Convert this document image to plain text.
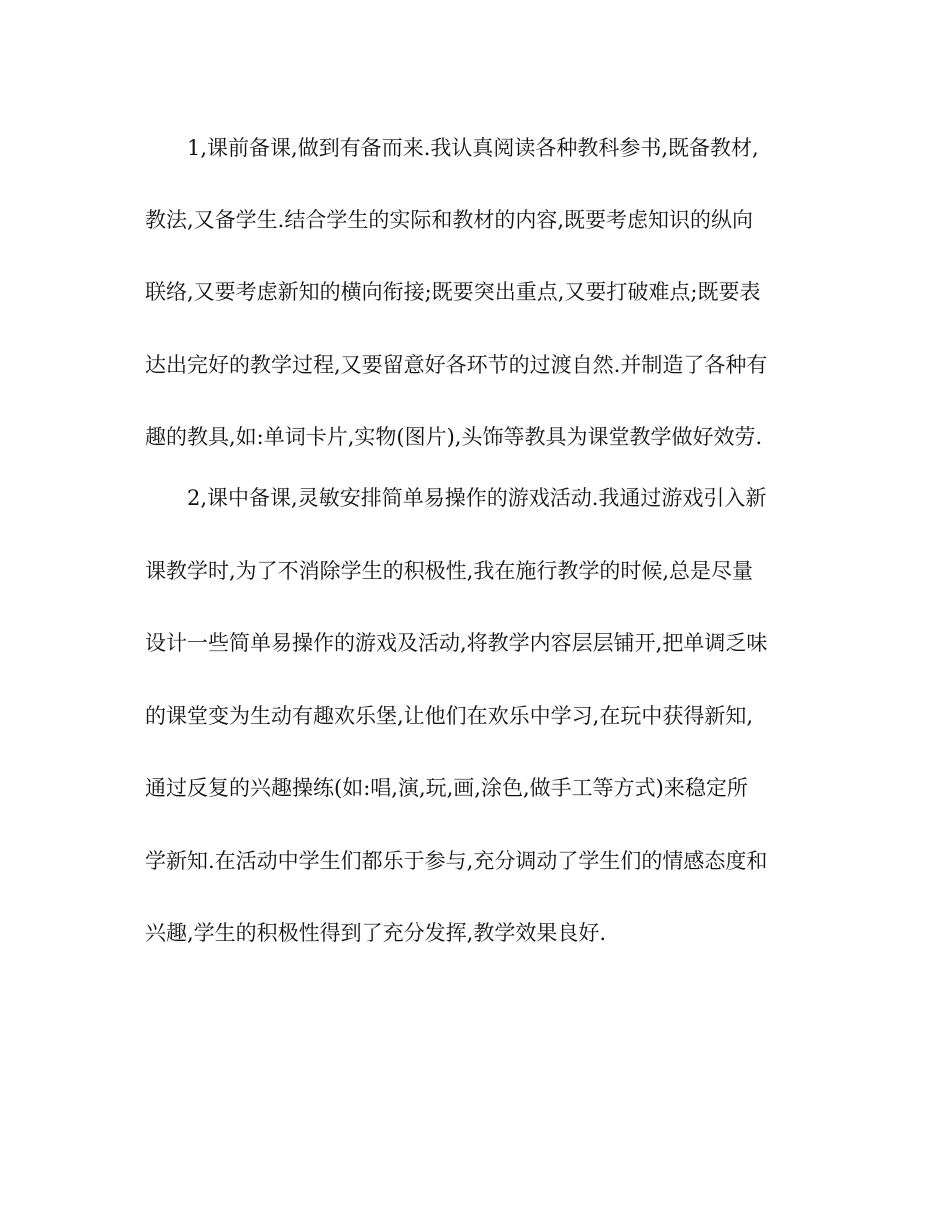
1,课前备课,做到有备而来.我认真阅读各种教科参书,既备教材,
教法,又备学生.结合学生的实际和教材的内容,既要考虑知识的纵向
联络,又要考虑新知的横向衔接;既要突出重点,又要打破难点;既要表
达出完好的教学过程,又要留意好各环节的过渡自然.并制造了各种有
趣的教具,如:单词卡片,实物(图片),头饰等教具为课堂教学做好效劳.
2,课中备课,灵敏安排简单易操作的游戏活动.我通过游戏引入新
课教学时,为了不消除学生的积极性,我在施行教学的时候,总是尽量
设计一些简单易操作的游戏及活动,将教学内容层层铺开,把单调乏味
的课堂变为生动有趣欢乐堡,让他们在欢乐中学习,在玩中获得新知,
通过反复的兴趣操练(如:唱,演,玩,画,涂色,做手工等方式)来稳定所
学新知.在活动中学生们都乐于参与,充分调动了学生们的情感态度和
兴趣,学生的积极性得到了充分发挥,教学效果良好.
